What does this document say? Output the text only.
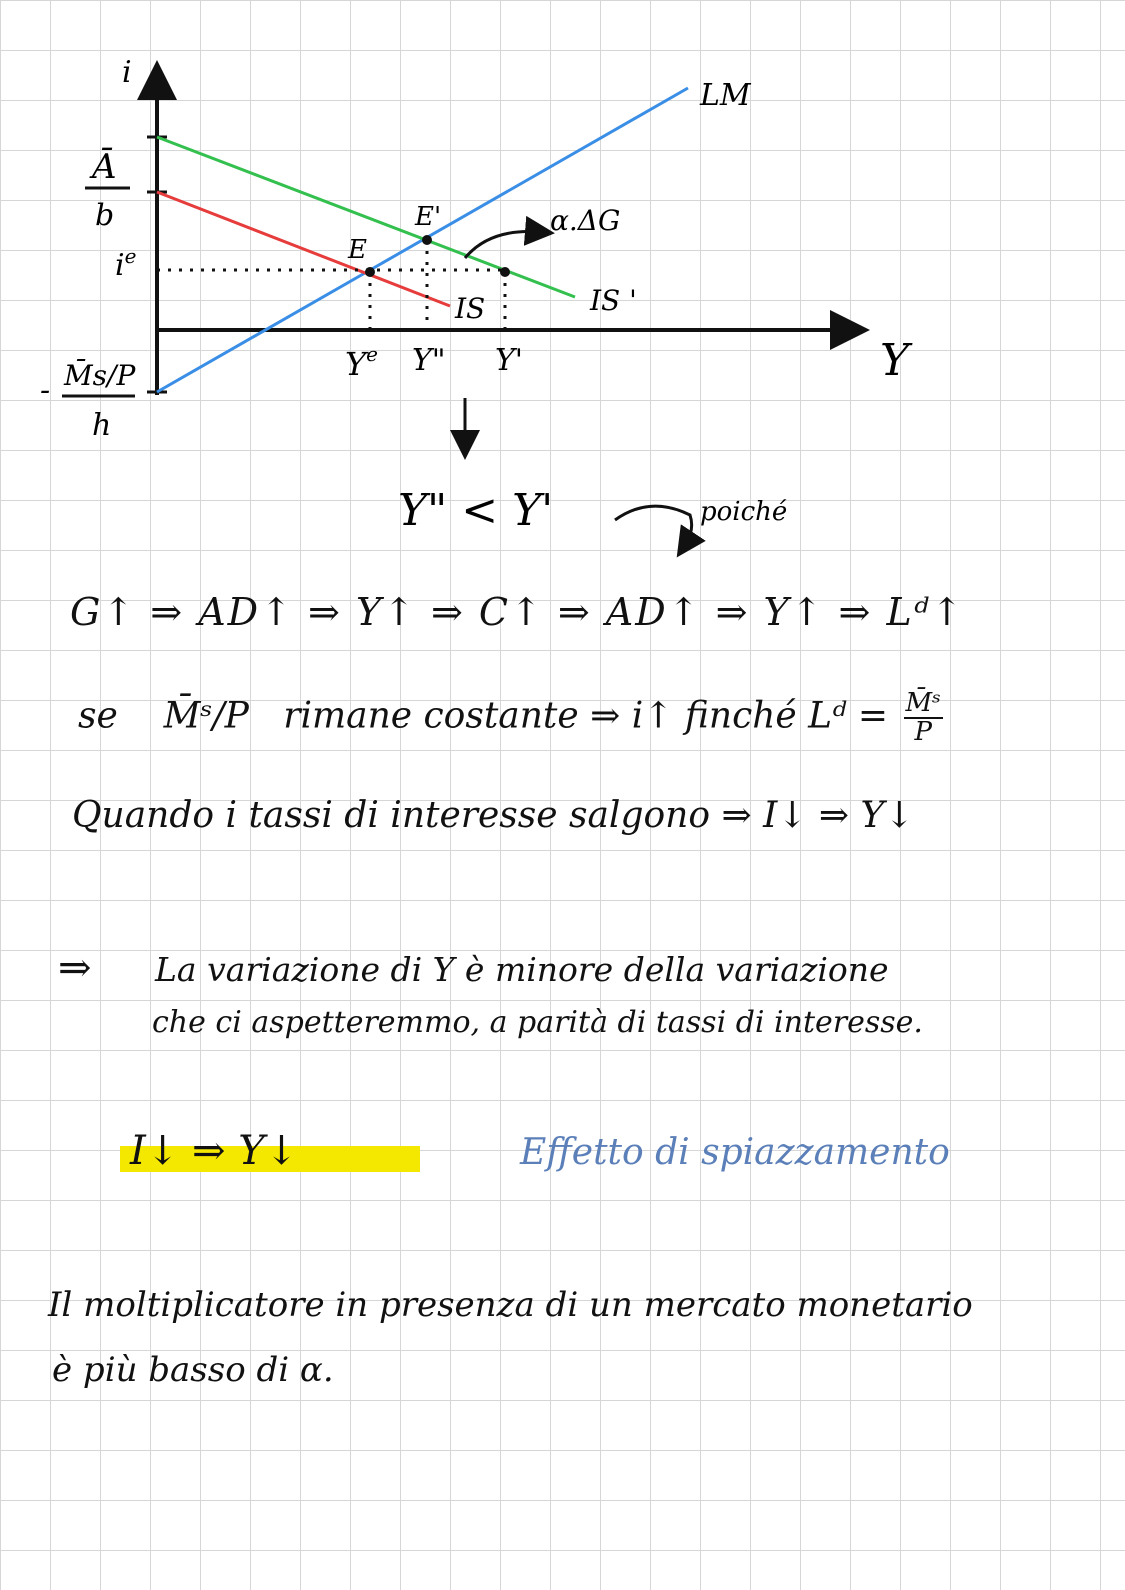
i
Y
LM
IS	IS '
E
E'	α.ΔG
$i^e$
$Y^e$ Y" Y'
Ā
b
- M̄s/P
h
Y" < Y'	poiché
G↑ ⇒ AD↑ ⇒ Y↑ ⇒ C↑ ⇒ AD↑ ⇒ Y↑ ⇒ Lᵈ↑
se M̄ˢ/P rimane costante ⇒ i↑ finché Lᵈ = $\frac{\text{M̄ˢ}}{P}$
Quando i tassi di interesse salgono ⇒ I↓ ⇒ Y↓
⇒ La variazione di Y è minore della variazione
che ci aspetteremmo, a parità di tassi di interesse.
I↓ ⇒ Y↓	Effetto di spiazzamento
Il moltiplicatore in presenza di un mercato monetario
è più basso di α.
